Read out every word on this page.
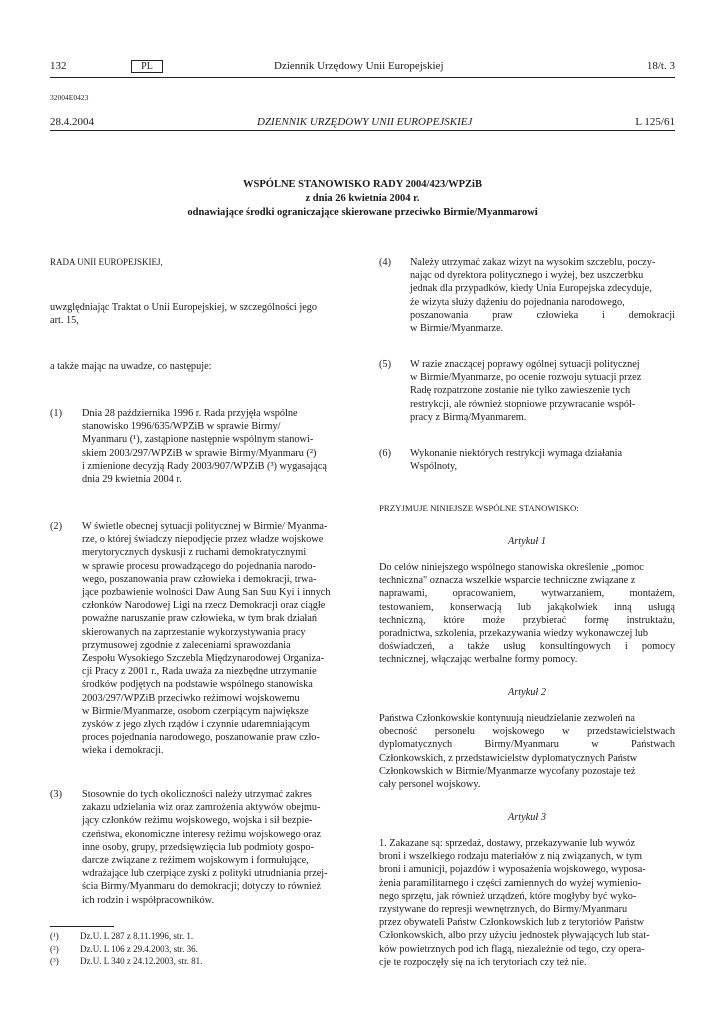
132	PL	Dziennik Urzędowy Unii Europejskiej	18/t. 3
32004E0423
28.4.2004	DZIENNIK URZĘDOWY UNII EUROPEJSKIEJ	L 125/61
WSPÓLNE STANOWISKO RADY 2004/423/WPZiB
z dnia 26 kwietnia 2004 r.
odnawiające środki ograniczające skierowane przeciwko Birmie/Myanmarowi
RADA UNII EUROPEJSKIEJ,
uwzględniając Traktat o Unii Europejskiej, w szczególności jego
art. 15,
a także mając na uwadze, co następuje:
(1) Dnia 28 października 1996 r. Rada przyjęła wspólne
stanowisko 1996/635/WPZiB w sprawie Birmy/
Myanmaru (¹), zastąpione następnie wspólnym stanowi-
skiem 2003/297/WPZiB w sprawie Birmy/Myanmaru (²)
i zmienione decyzją Rady 2003/907/WPZiB (³) wygasającą
dnia 29 kwietnia 2004 r.
(2) W świetle obecnej sytuacji politycznej w Birmie/ Myanma-
rze, o której świadczy niepodjęcie przez władze wojskowe
merytorycznych dyskusji z ruchami demokratycznymi
w sprawie procesu prowadzącego do pojednania narodo-
wego, poszanowania praw człowieka i demokracji, trwa-
jące pozbawienie wolności Daw Aung San Suu Kyi i innych
członków Narodowej Ligi na rzecz Demokracji oraz ciągłe
poważne naruszanie praw człowieka, w tym brak działań
skierowanych na zaprzestanie wykorzystywania pracy
przymusowej zgodnie z zaleceniami sprawozdania
Zespołu Wysokiego Szczebla Międzynarodowej Organiza-
cji Pracy z 2001 r., Rada uważa za niezbędne utrzymanie
środków podjętych na podstawie wspólnego stanowiska
2003/297/WPZiB przeciwko reżimowi wojskowemu
w Birmie/Myanmarze, osobom czerpiącym największe
zysków z jego złych rządów i czynnie udaremniającym
proces pojednania narodowego, poszanowanie praw czło-
wieka i demokracji.
(3) Stosownie do tych okoliczności należy utrzymać zakres
zakazu udzielania wiz oraz zamrożenia aktywów obejmu-
jący członków reżimu wojskowego, wojska i sił bezpie-
czeństwa, ekonomiczne interesy reżimu wojskowego oraz
inne osoby, grupy, przedsięwzięcia lub podmioty gospo-
darcze związane z reżimem wojskowym i formułujące,
wdrażające lub czerpiące zyski z polityki utrudniania przej-
ścia Birmy/Myanmaru do demokracji; dotyczy to również
ich rodzin i współpracowników.
(¹) Dz.U. L 287 z 8.11.1996, str. 1.
(²) Dz.U. L 106 z 29.4.2003, str. 36.
(³) Dz.U. L 340 z 24.12.2003, str. 81.
(4) Należy utrzymać zakaz wizyt na wysokim szczeblu, poczy-
nając od dyrektora politycznego i wyżej, bez uszczerbku
jednak dla przypadków, kiedy Unia Europejska zdecyduje,
że wizyta służy dążeniu do pojednania narodowego,
poszanowania praw człowieka i demokracji
w Birmie/Myanmarze.
(5) W razie znaczącej poprawy ogólnej sytuacji politycznej
w Birmie/Myanmarze, po ocenie rozwoju sytuacji przez
Radę rozpatrzone zostanie nie tylko zawieszenie tych
restrykcji, ale również stopniowe przywracanie współ-
pracy z Birmą/Myanmarem.
(6) Wykonanie niektórych restrykcji wymaga działania
Wspólnoty,
PRZYJMUJE NINIEJSZE WSPÓLNE STANOWISKO:
Artykuł 1
Do celów niniejszego wspólnego stanowiska określenie „pomoc
techniczna" oznacza wszelkie wsparcie techniczne związane z
naprawami, opracowaniem, wytwarzaniem, montażem,
testowaniem, konserwacją lub jakąkolwiek inną usługą
techniczną, które może przybierać formę instruktażu,
poradnictwa, szkolenia, przekazywania wiedzy wykonawczej lub
doświadczeń, a także usług konsultingowych i pomocy
technicznej, włączając werbalne formy pomocy.
Artykuł 2
Państwa Członkowskie kontynuują nieudzielanie zezwoleń na
obecność personelu wojskowego w przedstawicielstwach
dyplomatycznych Birmy/Myanmaru w Państwach
Członkowskich, z przedstawicielstw dyplomatycznych Państw
Członkowskich w Birmie/Myanmarze wycofany pozostaje też
cały personel wojskowy.
Artykuł 3
1. Zakazane są: sprzedaż, dostawy, przekazywanie lub wywóz
broni i wszelkiego rodzaju materiałów z nią związanych, w tym
broni i amunicji, pojazdów i wyposażenia wojskowego, wyposa-
żenia paramilitarnego i części zamiennych do wyżej wymienio-
nego sprzętu, jak również urządzeń, które mogłyby być wyko-
rzystywane do represji wewnętrznych, do Birmy/Myanmaru
przez obywateli Państw Członkowskich lub z terytoriów Państw
Członkowskich, albo przy użyciu jednostek pływających lub stat-
ków powietrznych pod ich flagą, niezależnie od tego, czy opera-
cje te rozpoczęły się na ich terytoriach czy też nie.
